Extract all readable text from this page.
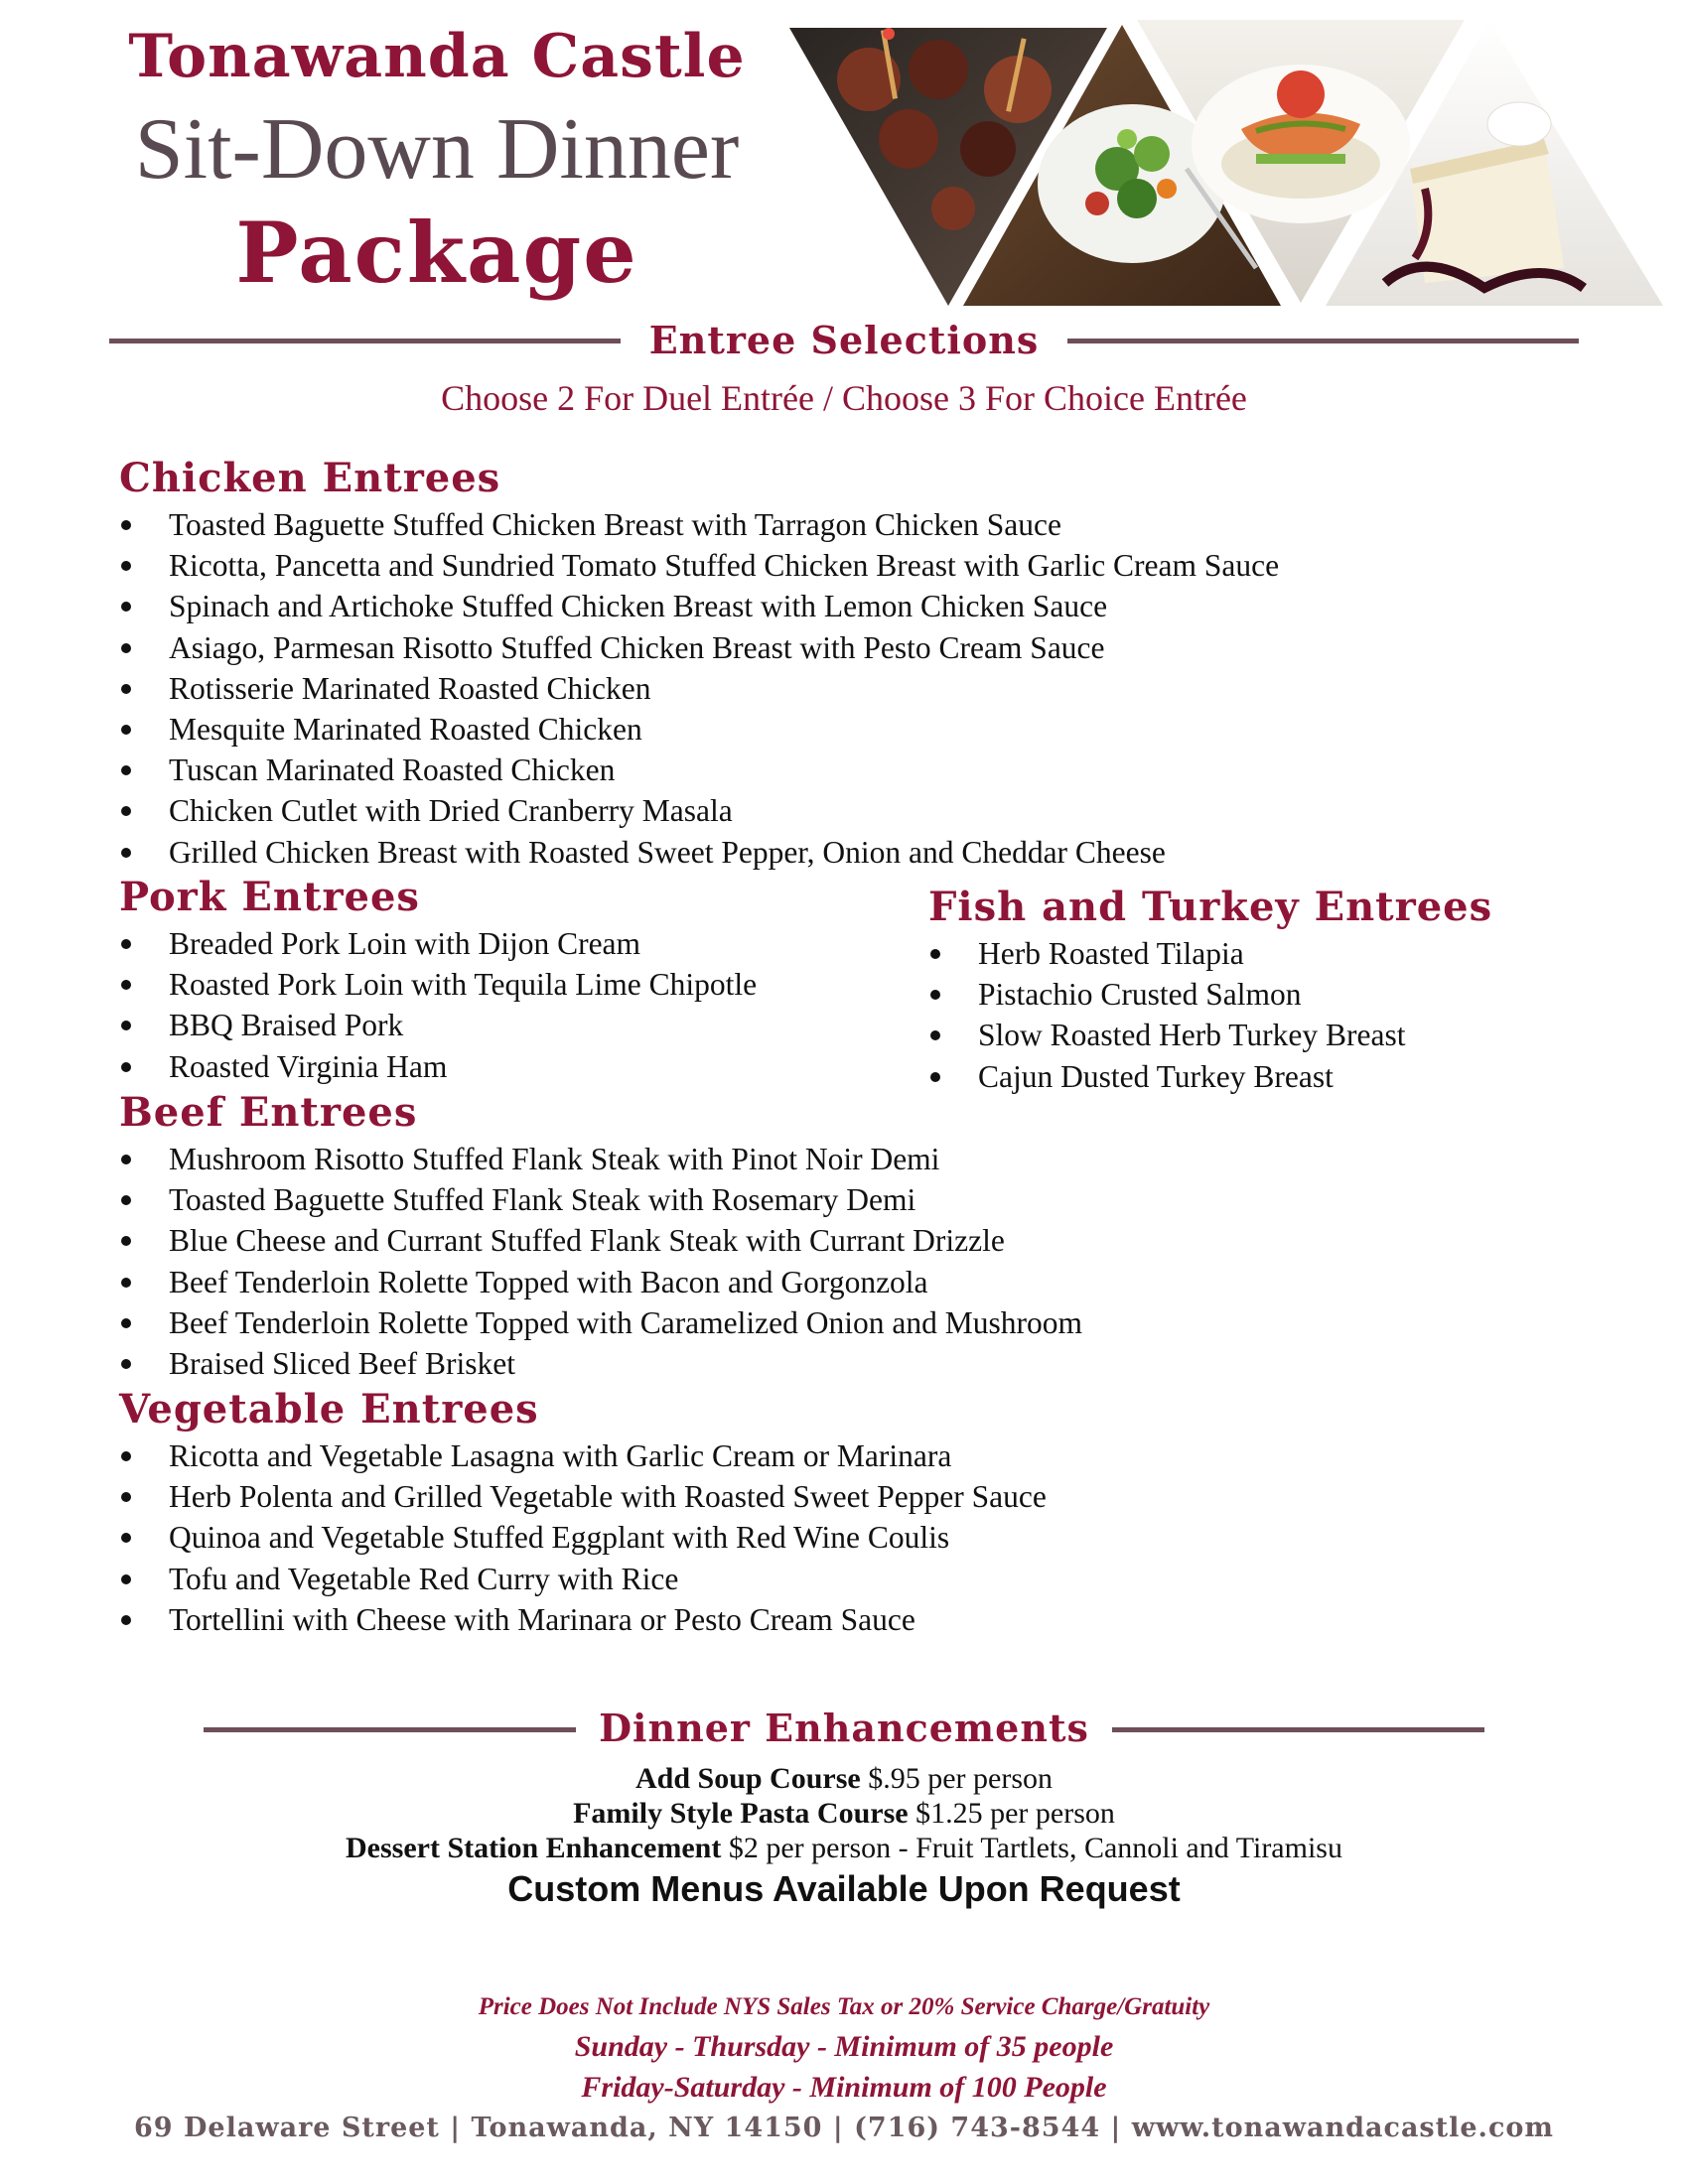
Tonawanda Castle
Sit-Down Dinner
Package
Entree Selections
Choose 2 For Duel Entrée / Choose 3 For Choice Entrée
Chicken Entrees
Toasted Baguette Stuffed Chicken Breast with Tarragon Chicken Sauce
Ricotta, Pancetta and Sundried Tomato Stuffed Chicken Breast with Garlic Cream Sauce
Spinach and Artichoke Stuffed Chicken Breast with Lemon Chicken Sauce
Asiago, Parmesan Risotto Stuffed Chicken Breast with Pesto Cream Sauce
Rotisserie Marinated Roasted Chicken
Mesquite Marinated Roasted Chicken
Tuscan Marinated Roasted Chicken
Chicken Cutlet with Dried Cranberry Masala
Grilled Chicken Breast with Roasted Sweet Pepper, Onion and Cheddar Cheese
Pork Entrees
Breaded Pork Loin with Dijon Cream
Roasted Pork Loin with Tequila Lime Chipotle
BBQ Braised Pork
Roasted Virginia Ham
Fish and Turkey Entrees
Herb Roasted Tilapia
Pistachio Crusted Salmon
Slow Roasted Herb Turkey Breast
Cajun Dusted Turkey Breast
Beef Entrees
Mushroom Risotto Stuffed Flank Steak with Pinot Noir Demi
Toasted Baguette Stuffed Flank Steak with Rosemary Demi
Blue Cheese and Currant Stuffed Flank Steak with Currant Drizzle
Beef Tenderloin Rolette Topped with Bacon and Gorgonzola
Beef Tenderloin Rolette Topped with Caramelized Onion and Mushroom
Braised Sliced Beef Brisket
Vegetable Entrees
Ricotta and Vegetable Lasagna with Garlic Cream or Marinara
Herb Polenta and Grilled Vegetable with Roasted Sweet Pepper Sauce
Quinoa and Vegetable Stuffed Eggplant with Red Wine Coulis
Tofu and Vegetable Red Curry with Rice
Tortellini with Cheese with Marinara or Pesto Cream Sauce
Dinner Enhancements
Add Soup Course $.95 per person
Family Style Pasta Course $1.25 per person
Dessert Station Enhancement $2 per person - Fruit Tartlets, Cannoli and Tiramisu
Custom Menus Available Upon Request
Price Does Not Include NYS Sales Tax or 20% Service Charge/Gratuity
Sunday - Thursday - Minimum of 35 people
Friday-Saturday - Minimum of 100 People
69 Delaware Street | Tonawanda, NY 14150 | (716) 743-8544 | www.tonawandacastle.com
